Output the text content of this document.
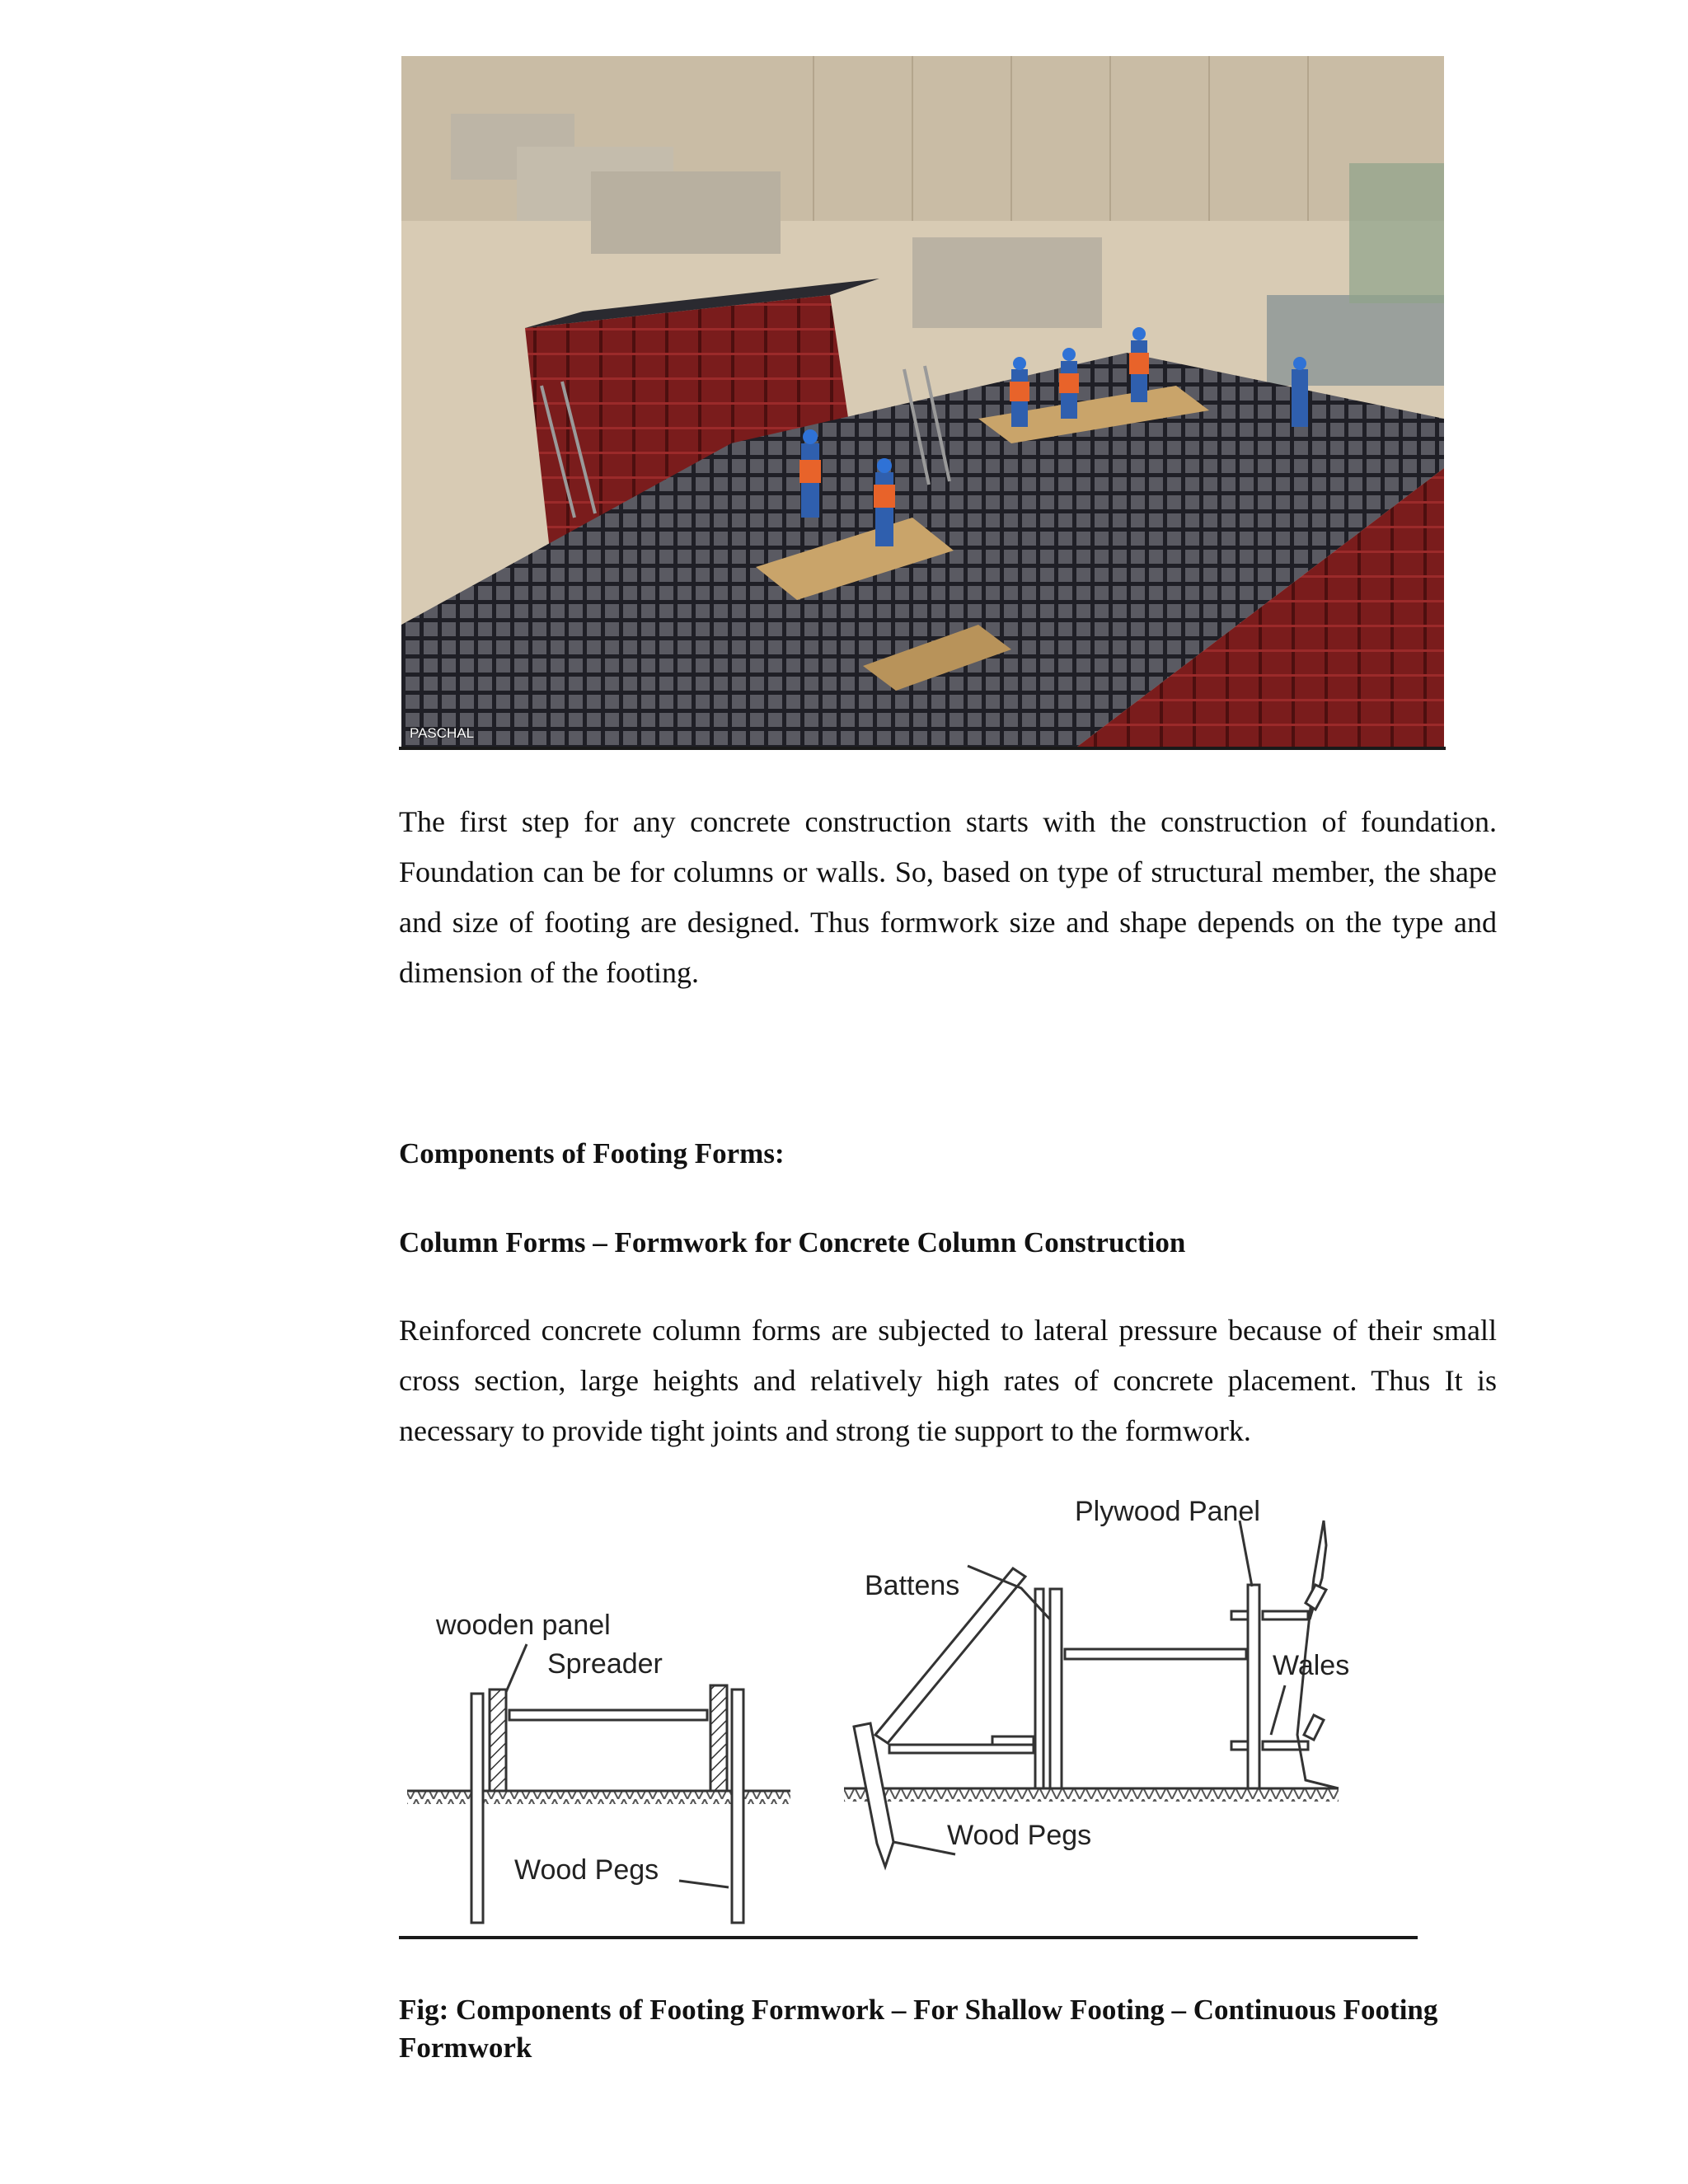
PASCHAL

The first step for any concrete construction starts with the construction of foundation. Foundation can be for columns or walls. So, based on type of structural member, the shape and size of footing are designed. Thus formwork size and shape depends on the type and dimension of the footing.

Components of Footing Forms:
Column Forms – Formwork for Concrete Column Construction

Reinforced concrete column forms are subjected to lateral pressure because of their small cross section, large heights and relatively high rates of concrete placement. Thus It is necessary to provide tight joints and strong tie support to the formwork.

wooden panel
Spreader
Wood Pegs
Plywood Panel
Battens
Wales
Wood Pegs

Fig: Components of Footing Formwork – For Shallow Footing – Continuous Footing Formwork
